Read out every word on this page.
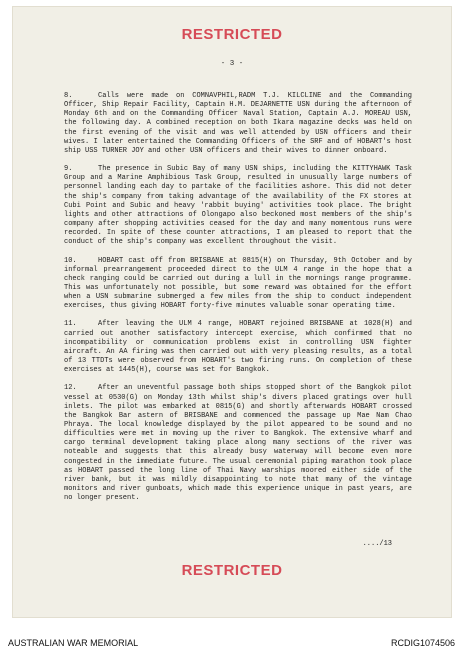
RESTRICTED
- 3 -

8.	Calls were made on COMNAVPHIL,RADM T.J. KILCLINE and the Commanding Officer, Ship Repair Facility, Captain H.M. DEJARNETTE USN during the afternoon of Monday 6th and on the Commanding Officer Naval Station, Captain A.J. MOREAU USN, the following day. A combined reception on both Ikara magazine decks was held on the first evening of the visit and was well attended by USN officers and their wives. I later entertained the Commanding Officers of the SRF and of HOBART's host ship USS TURNER JOY and other USN officers and their wives to dinner onboard.

9.	The presence in Subic Bay of many USN ships, including the KITTYHAWK Task Group and a Marine Amphibious Task Group, resulted in unusually large numbers of personnel landing each day to partake of the facilities ashore. This did not deter the ship's company from taking advantage of the availability of the FX stores at Cubi Point and Subic and heavy 'rabbit buying' activities took place. The bright lights and other attractions of Olongapo also beckoned most members of the ship's company after shopping activities ceased for the day and many momentous runs were recorded. In spite of these counter attractions, I am pleased to report that the conduct of the ship's company was excellent throughout the visit.

10.	HOBART cast off from BRISBANE at 0815(H) on Thursday, 9th October and by informal prearrangement proceeded direct to the ULM 4 range in the hope that a check ranging could be carried out during a lull in the mornings range programme. This was unfortunately not possible, but some reward was obtained for the effort when a USN submarine submerged a few miles from the ship to conduct independent exercises, thus giving HOBART forty-five minutes valuable sonar operating time.

11.	After leaving the ULM 4 range, HOBART rejoined BRISBANE at 1028(H) and carried out another satisfactory intercept exercise, which confirmed that no incompatibility or communication problems exist in controlling USN fighter aircraft. An AA firing was then carried out with very pleasing results, as a total of 13 TTDTs were observed from HOBART's two firing runs. On completion of these exercises at 1445(H), course was set for Bangkok.

12.	After an uneventful passage both ships stopped short of the Bangkok pilot vessel at 0530(G) on Monday 13th whilst ship's divers placed gratings over hull inlets. The pilot was embarked at 0815(G) and shortly afterwards HOBART crossed the Bangkok Bar astern of BRISBANE and commenced the passage up Mae Nam Chao Phraya. The local knowledge displayed by the pilot appeared to be sound and no difficulties were met in moving up the river to Bangkok. The extensive wharf and cargo terminal development taking place along many sections of the river was noteable and suggests that this already busy waterway will become even more congested in the immediate future. The usual ceremonial piping marathon took place as HOBART passed the long line of Thai Navy warships moored either side of the river bank, but it was mildly disappointing to note that many of the vintage monitors and river gunboats, which made this experience unique in past years, are no longer present.

..../13
RESTRICTED
AUSTRALIAN WAR MEMORIAL	RCDIG1074506
